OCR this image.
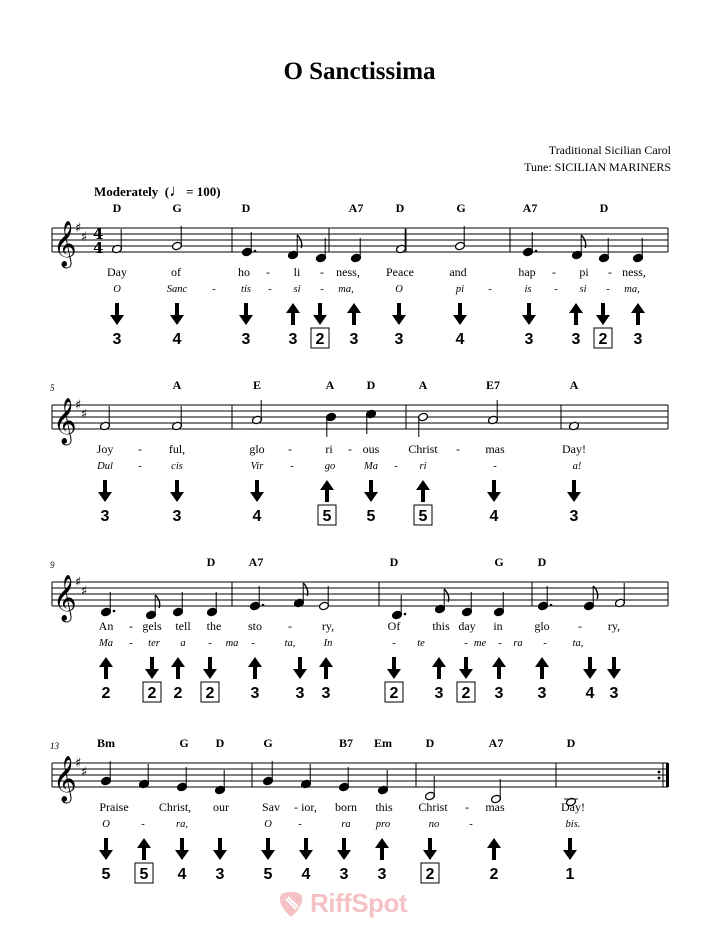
O Sanctissima
Traditional Sicilian Carol
Tune: SICILIAN MARINERS
Moderately  (♩= 100)
𝄞
♯
♯ 4
4
D	G	D	A7	D	G	A7	D
Day	of	ho - li - ness, Peace	and	hap - pi - ness,
O	Sanc - tis - si - ma,	O	pi -	is - si - ma,
3	4	3 3 2 3 3	4	3 3 2 3
𝄞
♯
♯
5	A	E	A	D	A	E7	A
Joy - ful,	glo -	ri - ous Christ - mas	Day!
Dul -	cis	Vir	-	go	Ma - ri	-	a!
3	3	4	5 5	5	4	3
𝄞
♯
♯
9	D	A7	D	G	D
An - gels tell the sto - ry,	Of	this day in	glo - ry,
Ma - ter a - ma -	ta,	In	- te	- me - ra - ta,
2 2 2 2 3 3 3	2 3 2 3 3 4 3
𝄞
♯
♯
13	Bm	G D	G	B7 Em	D	A7	D
Praise	Christ, our	Sav - ior, born this Christ - mas	Day!
O	-	ra,	O	-	ra pro	no	-	bis.
5 5 4 3 5 4 3 3 2	2	1
RiffSpot
